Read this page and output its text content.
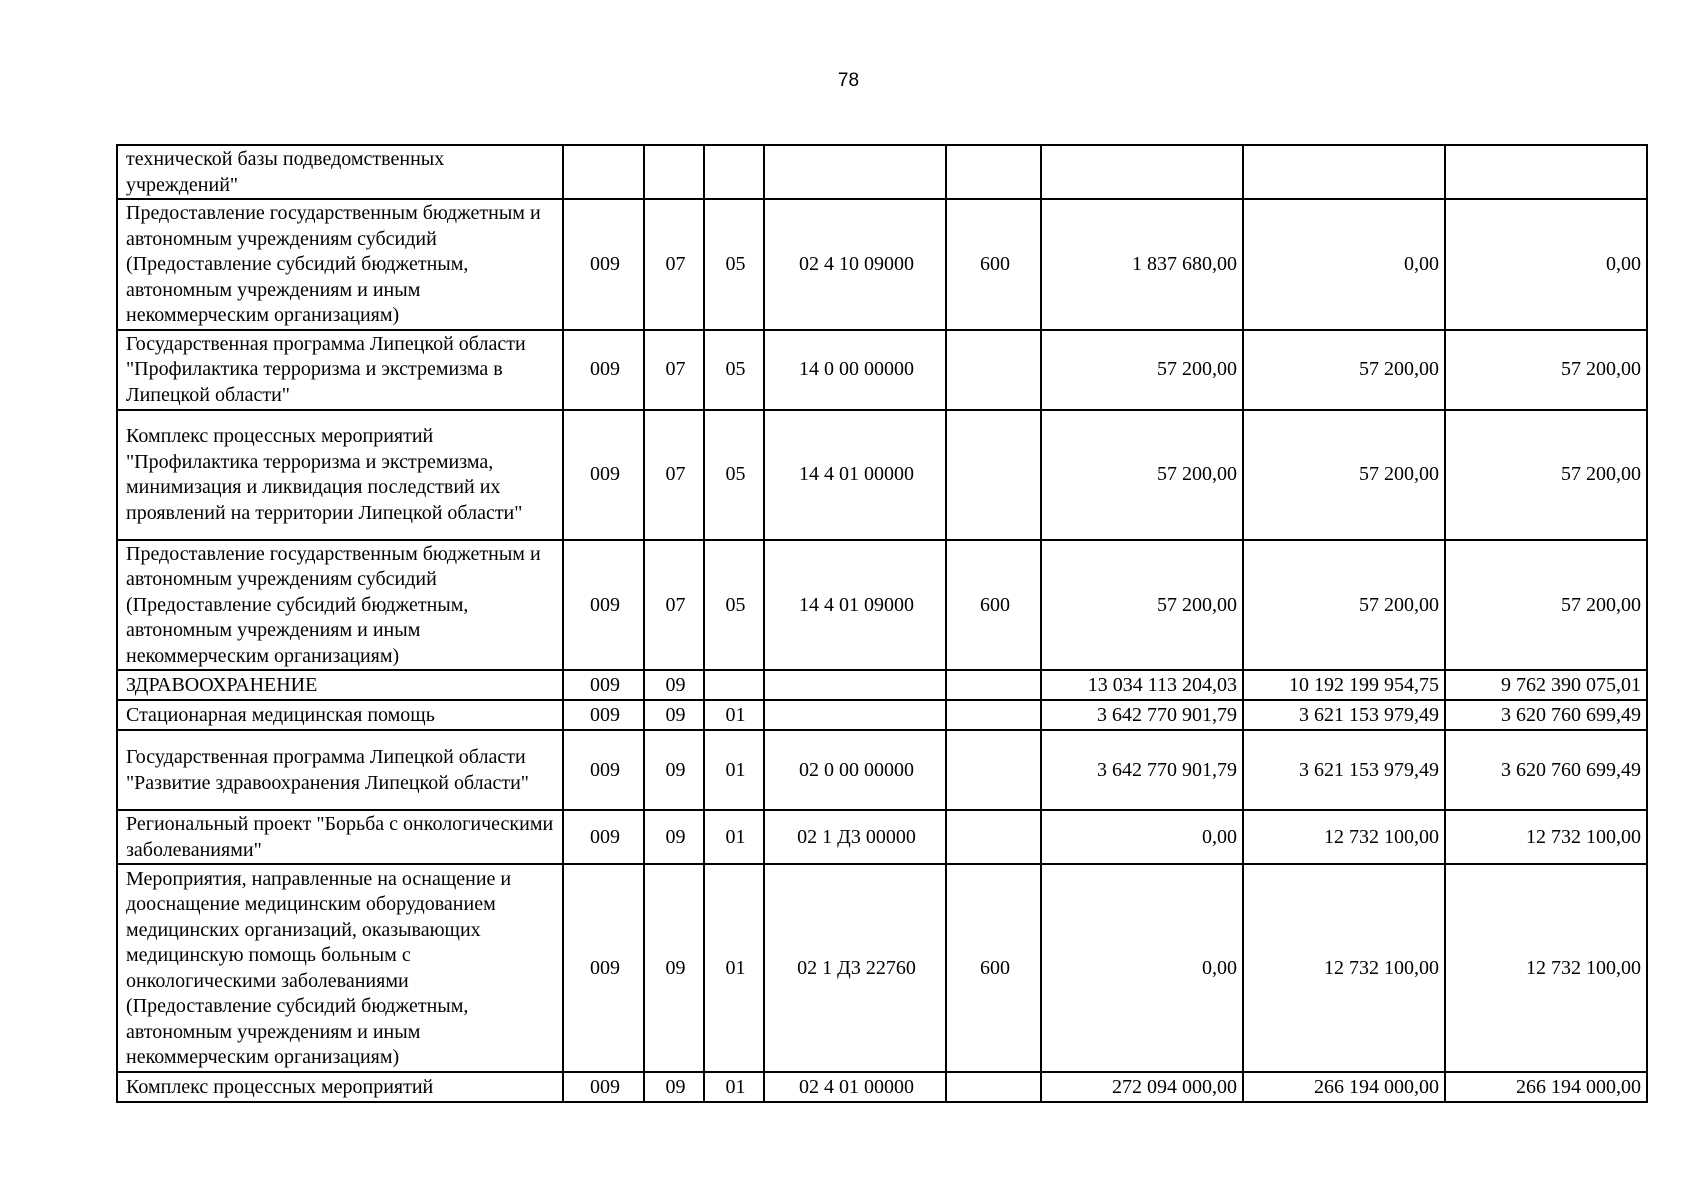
78
технической базы подведомственных учреждений"								

Предоставление государственным бюджетным и автономным учреждениям субсидий (Предоставление субсидий бюджетным, автономным учреждениям и иным некоммерческим организациям)	009	07	05	02 4 10 09000	600	1 837 680,00	0,00	0,00
Государственная программа Липецкой области "Профилактика терроризма и экстремизма в Липецкой области"	009	07	05	14 0 00 00000		57 200,00	57 200,00	57 200,00
Комплекс процессных мероприятий "Профилактика терроризма и экстремизма, минимизация и ликвидация последствий их проявлений на территории Липецкой области"	009	07	05	14 4 01 00000		57 200,00	57 200,00	57 200,00
Предоставление государственным бюджетным и автономным учреждениям субсидий (Предоставление субсидий бюджетным, автономным учреждениям и иным некоммерческим организациям)	009	07	05	14 4 01 09000	600	57 200,00	57 200,00	57 200,00
ЗДРАВООХРАНЕНИЕ	009	09				13 034 113 204,03	10 192 199 954,75	9 762 390 075,01
Стационарная медицинская помощь	009	09	01			3 642 770 901,79	3 621 153 979,49	3 620 760 699,49
Государственная программа Липецкой области "Развитие здравоохранения Липецкой области"	009	09	01	02 0 00 00000		3 642 770 901,79	3 621 153 979,49	3 620 760 699,49
Региональный проект "Борьба с онкологическими заболеваниями"	009	09	01	02 1 Д3 00000		0,00	12 732 100,00	12 732 100,00
Мероприятия, направленные на оснащение и дооснащение медицинским оборудованием медицинских организаций, оказывающих медицинскую помощь больным с онкологическими заболеваниями (Предоставление субсидий бюджетным, автономным учреждениям и иным некоммерческим организациям)	009	09	01	02 1 Д3 22760	600	0,00	12 732 100,00	12 732 100,00
Комплекс процессных мероприятий	009	09	01	02 4 01 00000		272 094 000,00	266 194 000,00	266 194 000,00
